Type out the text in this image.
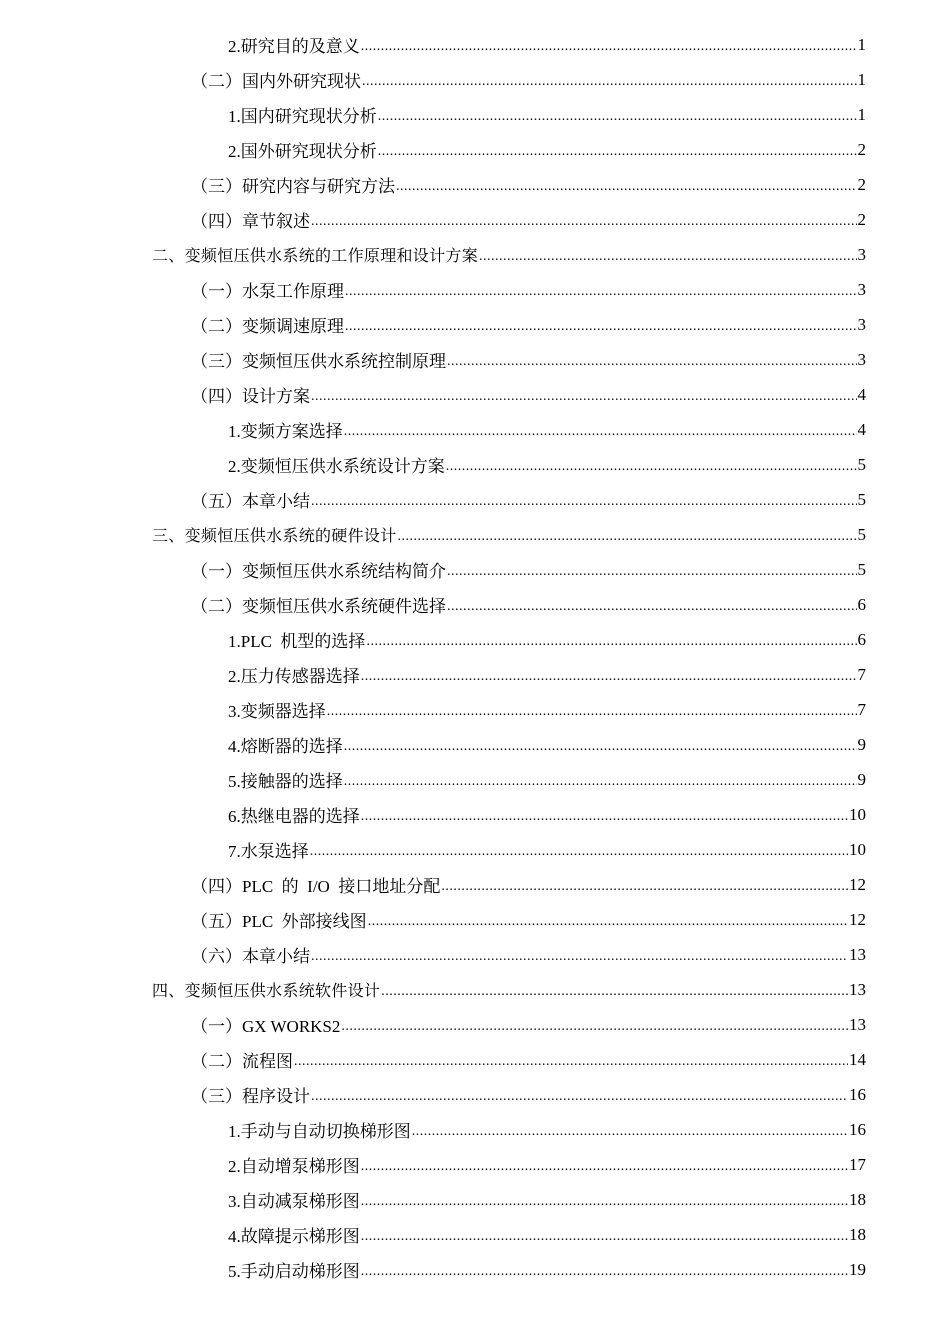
2.研究目的及意义 .....	1
（二）国内外研究现状 .....	1
1.国内研究现状分析 .....	1
2.国外研究现状分析 .....	2
（三）研究内容与研究方法 .....	2
（四）章节叙述 .....	2
二、变频恒压供水系统的工作原理和设计方案 .....	3
（一）水泵工作原理 .....	3
（二）变频调速原理 .....	3
（三）变频恒压供水系统控制原理 .....	3
（四）设计方案 .....	4
1.变频方案选择 .....	4
2.变频恒压供水系统设计方案 .....	5
（五）本章小结 .....	5
三、变频恒压供水系统的硬件设计 .....	5
（一）变频恒压供水系统结构简介 .....	5
（二）变频恒压供水系统硬件选择 .....	6
1.PLC  机型的选择 .....	6
2.压力传感器选择 .....	7
3.变频器选择 .....	7
4.熔断器的选择 .....	9
5.接触器的选择 .....	9
6.热继电器的选择 .....	10
7.水泵选择 .....	10
（四）PLC  的  I/O  接口地址分配 .....	12
（五）PLC  外部接线图 .....	12
（六）本章小结 .....	13
四、变频恒压供水系统软件设计 .....	13
（一）GX WORKS2 .....	13
（二）流程图 .....	14
（三）程序设计 .....	16
1.手动与自动切换梯形图 .....	16
2.自动增泵梯形图 .....	17
3.自动减泵梯形图 .....	18
4.故障提示梯形图 .....	18
5.手动启动梯形图 .....	19
